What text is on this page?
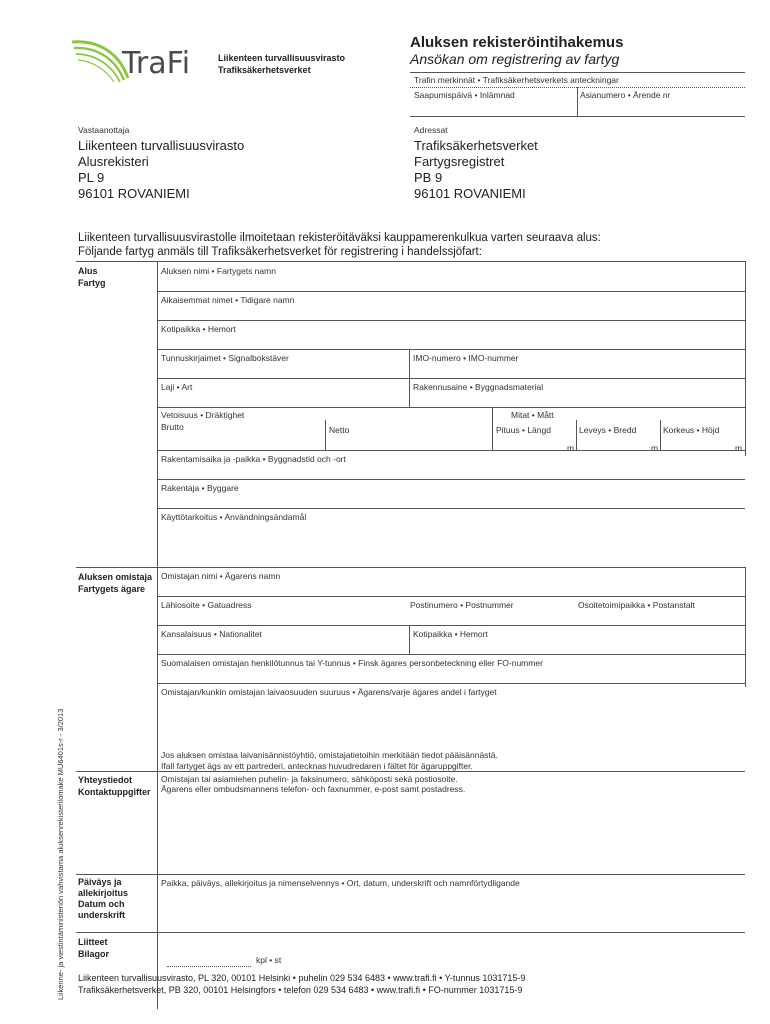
TraFi	Liikenteen turvallisuusvirasto
Trafiksäkerhetsverket
Aluksen rekisteröintihakemus
Ansökan om registrering av fartyg
Trafin merkinnät • Trafiksäkerhetsverkets anteckningar
Saapumispäivä • Inlämnad	Asianumero • Ärende nr
Vastaanottaja
Liikenteen turvallisuusvirasto
Alusrekisteri
PL 9
96101 ROVANIEMI
Adressat
Trafiksäkerhetsverket
Fartygsregistret
PB 9
96101 ROVANIEMI
Liikenteen turvallisuusvirastolle ilmoitetaan rekisteröitäväksi kauppamerenkulkua varten seuraava alus:
Följande fartyg anmäls till Trafiksäkerhetsverket för registrering i handelssjöfart:
Alus
Fartyg
Aluksen nimi • Fartygets namn
Aikaisemmat nimet • Tidigare namn
Kotipaikka • Hemort
Tunnuskirjaimet • Signalbokstäver	IMO-numero • IMO-nummer
Laji • Art	Rakennusaine • Byggnadsmaterial
Vetoisuus • Dräktighet
Brutto	Netto
Mitat • Mått
Pituus • Längd	Leveys • Bredd	Korkeus • Höjd
m	m	m
Rakentamisaika ja -paikka • Byggnadstid och -ort
Rakentaja • Byggare
Käyttötarkoitus • Användningsändamål
Aluksen omistaja
Fartygets ägare
Omistajan nimi • Ägarens namn
Lähiosoite • Gatuadress	Postinumero • Postnummer	Osoitetoimipaikka • Postanstalt
Kansalaisuus • Nationalitet	Kotipaikka • Hemort
Suomalaisen omistajan henkilötunnus tai Y-tunnus • Finsk ägares personbeteckning eller FO-nummer
Omistajan/kunkin omistajan laivaosuuden suuruus • Ägarens/varje ägares andel i fartyget
Jos aluksen omistaa laivanisännistöyhtiö, omistajatietoihin merkitään tiedot pääisännästä.
Ifall fartyget ägs av ett partrederi, antecknas huvudredaren i fältet för ägaruppgifter.
Yhteystiedot
Kontaktuppgifter
Omistajan tai asiamiehen puhelin- ja faksinumero, sähköposti sekä postiosoite.
Ägarens eller ombudsmannens telefon- och faxnummer, e-post samt postadress.
Päiväys ja
allekirjoitus
Datum och
underskrift
Paikka, päiväys, allekirjoitus ja nimenselvennys • Ort, datum, underskrift och namnförtydligande
Liitteet
Bilagor
kpl • st
Liikenteen turvallisuusvirasto, PL 320, 00101 Helsinki • puhelin 029 534 6483 • www.trafi.fi • Y-tunnus 1031715-9
Trafiksäkerhetsverket, PB 320, 00101 Helsingfors • telefon 029 534 6483 • www.trafi.fi • FO-nummer 1031715-9
Liikenne- ja viestintäministeriön vahvistama aluksenrekisterilomake MU6401s-r - 3/2013
